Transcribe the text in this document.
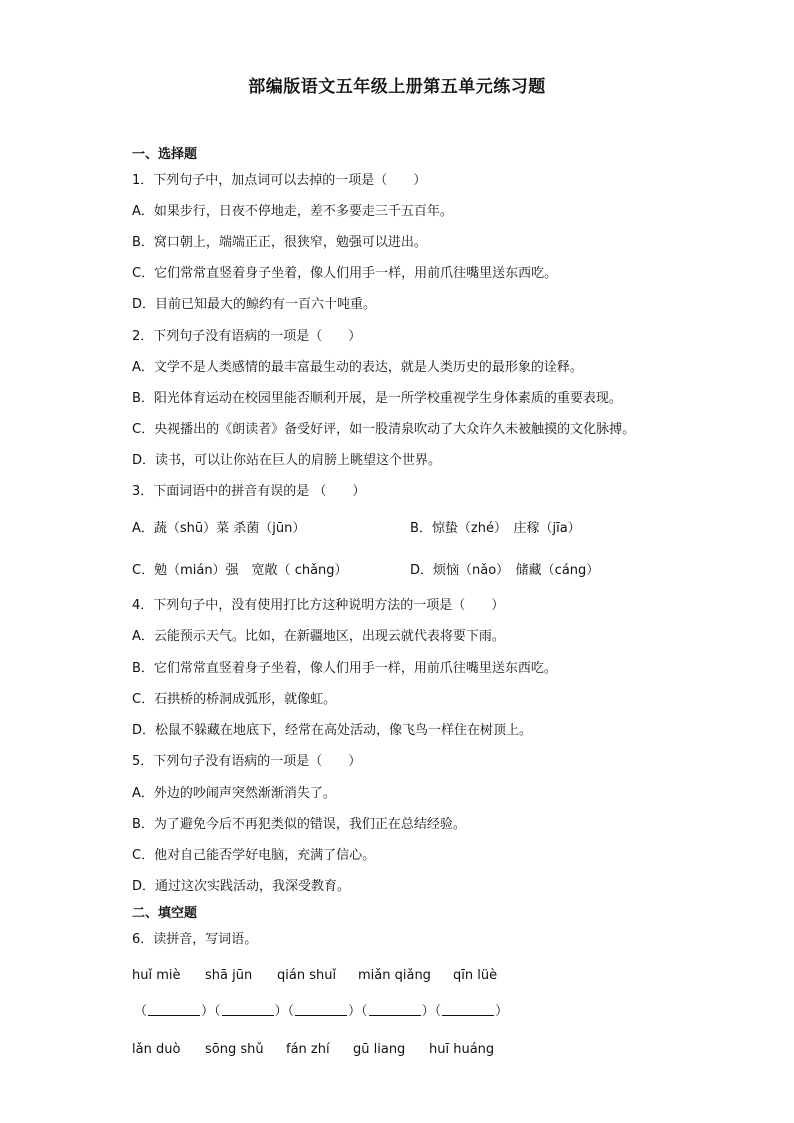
部编版语文五年级上册第五单元练习题
一、选择题
1．下列句子中，加点词可以去掉的一项是（　　）
A．如果步行，日夜不停地走，差不多要走三千五百年。
B．窝口朝上，端端正正，很狭窄，勉强可以进出。
C．它们常常直竖着身子坐着，像人们用手一样，用前爪往嘴里送东西吃。
D．目前已知最大的鲸约有一百六十吨重。
2．下列句子没有语病的一项是（　　）
A．文学不是人类感情的最丰富最生动的表达，就是人类历史的最形象的诠释。
B．阳光体育运动在校园里能否顺利开展，是一所学校重视学生身体素质的重要表现。
C．央视播出的《朗读者》备受好评，如一股清泉吹动了大众许久未被触摸的文化脉搏。
D．读书，可以让你站在巨人的肩膀上眺望这个世界。
3．下面词语中的拼音有误的是 （　　）
A．蔬（shū）菜 杀菌（jūn）	B．惊蛰（zhé）　庄稼（jīa）
C．勉（mián）强　宽敞（ chǎng）	D．烦恼（nǎo）　储藏（cáng）
4．下列句子中，没有使用打比方这种说明方法的一项是（　　）
A．云能预示天气。比如，在新疆地区，出现云就代表将要下雨。
B．它们常常直竖着身子坐着，像人们用手一样，用前爪往嘴里送东西吃。
C．石拱桥的桥洞成弧形，就像虹。
D．松鼠不躲藏在地底下，经常在高处活动，像飞鸟一样住在树顶上。
5．下列句子没有语病的一项是（　　）
A．外边的吵闹声突然渐渐消失了。
B．为了避免今后不再犯类似的错误，我们正在总结经验。
C．他对自己能否学好电脑，充满了信心。
D．通过这次实践活动，我深受教育。
二、填空题
6．读拼音，写词语。
huǐ miè shā jūn qián shuǐ miǎn qiǎng qīn lüè
（	）（	）（	）（	）（	）
lǎn duò sōng shǔ fán zhí gū liang huī huáng
